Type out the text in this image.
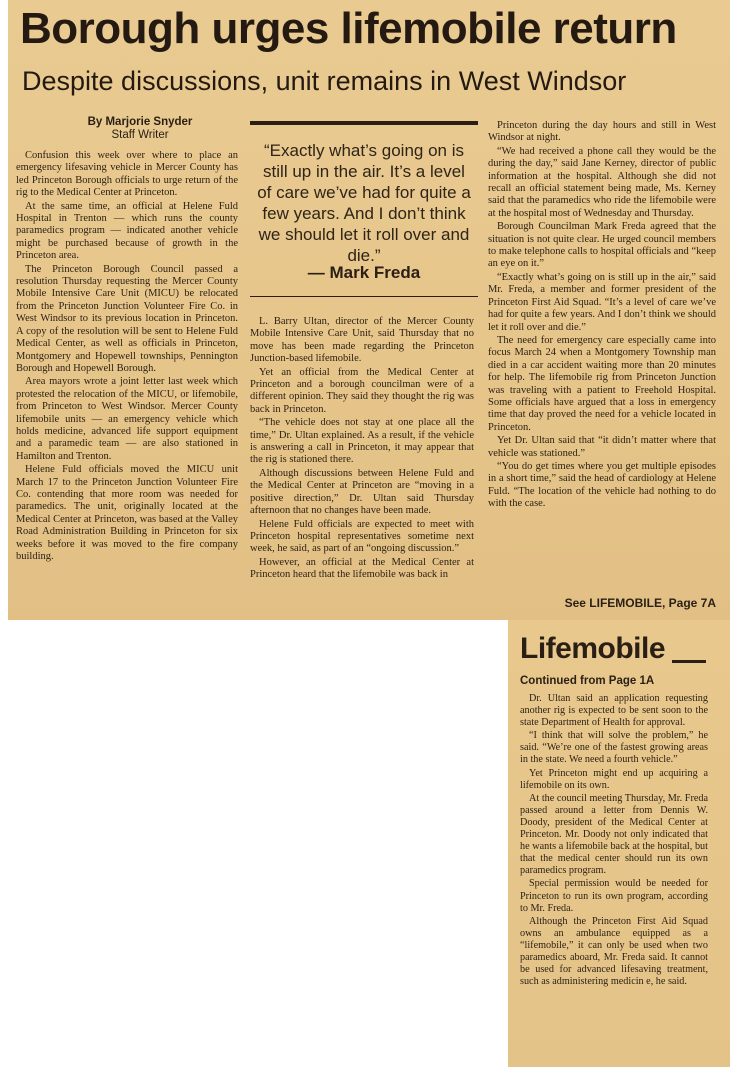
Borough urges lifemobile return
Despite discussions, unit remains in West Windsor
By Marjorie Snyder
Staff Writer

Confusion this week over where to place an emergency lifesaving vehicle in Mercer County has led Princeton Borough officials to urge return of the rig to the Medical Center at Princeton.

At the same time, an official at Helene Fuld Hospital in Trenton — which runs the county paramedics program — indicated another vehicle might be purchased because of growth in the Princeton area.

The Princeton Borough Council passed a resolution Thursday requesting the Mercer County Mobile Intensive Care Unit (MICU) be relocated from the Princeton Junction Volunteer Fire Co. in West Windsor to its previous location in Princeton. A copy of the resolution will be sent to Helene Fuld Medical Center, as well as officials in Princeton, Montgomery and Hopewell townships, Pennington Borough and Hopewell Borough.

Area mayors wrote a joint letter last week which protested the relocation of the MICU, or lifemobile, from Princeton to West Windsor. Mercer County lifemobile units — an emergency vehicle which holds medicine, advanced life support equipment and a paramedic team — are also stationed in Hamilton and Trenton.

Helene Fuld officials moved the MICU unit March 17 to the Princeton Junction Volunteer Fire Co. contending that more room was needed for paramedics. The unit, originally located at the Medical Center at Princeton, was based at the Valley Road Administration Building in Princeton for six weeks before it was moved to the fire company building.

“Exactly what’s going on is still up in the air. It’s a level of care we’ve had for quite a few years. And I don’t think we should let it roll over and die.”
— Mark Freda

L. Barry Ultan, director of the Mercer County Mobile Intensive Care Unit, said Thursday that no move has been made regarding the Princeton Junction-based lifemobile.

Yet an official from the Medical Center at Princeton and a borough councilman were of a different opinion. They said they thought the rig was back in Princeton.

“The vehicle does not stay at one place all the time,” Dr. Ultan explained. As a result, if the vehicle is answering a call in Princeton, it may appear that the rig is stationed there.

Although discussions between Helene Fuld and the Medical Center at Princeton are “moving in a positive direction,” Dr. Ultan said Thursday afternoon that no changes have been made.

Helene Fuld officials are expected to meet with Princeton hospital representatives sometime next week, he said, as part of an “ongoing discussion.”

However, an official at the Medical Center at Princeton heard that the lifemobile was back in

Princeton during the day hours and still in West Windsor at night.

“We had received a phone call they would be the during the day,” said Jane Kerney, director of public information at the hospital. Although she did not recall an official statement being made, Ms. Kerney said that the paramedics who ride the lifemobile were at the hospital most of Wednesday and Thursday.

Borough Councilman Mark Freda agreed that the situation is not quite clear. He urged council members to make telephone calls to hospital officials and “keep an eye on it.”

“Exactly what’s going on is still up in the air,” said Mr. Freda, a member and former president of the Princeton First Aid Squad. “It’s a level of care we’ve had for quite a few years. And I don’t think we should let it roll over and die.”

The need for emergency care especially came into focus March 24 when a Montgomery Township man died in a car accident waiting more than 20 minutes for help. The lifemobile rig from Princeton Junction was traveling with a patient to Freehold Hospital. Some officials have argued that a loss in emergency time that day proved the need for a vehicle located in Princeton.

Yet Dr. Ultan said that “it didn’t matter where that vehicle was stationed.”

“You do get times where you get multiple episodes in a short time,” said the head of cardiology at Helene Fuld. “The location of the vehicle had nothing to do with the case.

See LIFEMOBILE, Page 7A
Lifemobile
Continued from Page 1A

Dr. Ultan said an application requesting another rig is expected to be sent soon to the state Department of Health for approval.

“I think that will solve the problem,” he said. “We’re one of the fastest growing areas in the state. We need a fourth vehicle.”

Yet Princeton might end up acquiring a lifemobile on its own.

At the council meeting Thursday, Mr. Freda passed around a letter from Dennis W. Doody, president of the Medical Center at Princeton. Mr. Doody not only indicated that he wants a lifemobile back at the hospital, but that the medical center should run its own paramedics program.

Special permission would be needed for Princeton to run its own program, according to Mr. Freda.

Although the Princeton First Aid Squad owns an ambulance equipped as a “lifemobile,” it can only be used when two paramedics aboard, Mr. Freda said. It cannot be used for advanced lifesaving treatment, such as administering medicin e, he said.
